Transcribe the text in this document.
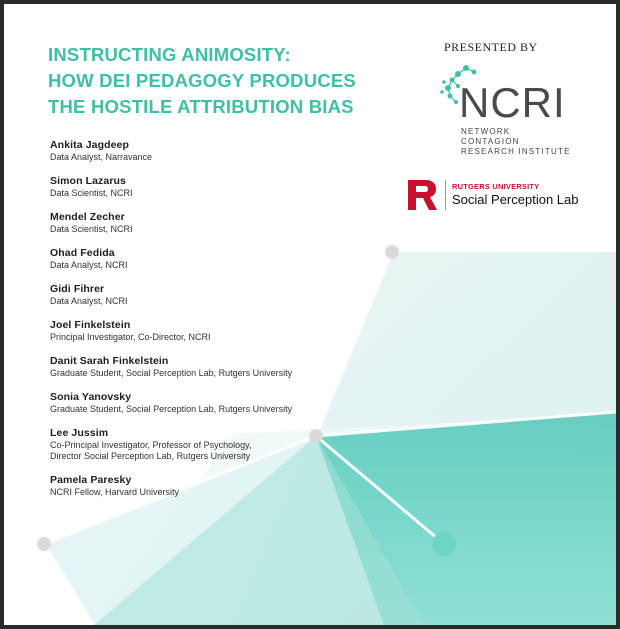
INSTRUCTING ANIMOSITY:
HOW DEI PEDAGOGY PRODUCES
THE HOSTILE ATTRIBUTION BIAS
Ankita Jagdeep
Data Analyst, Narravance
Simon Lazarus
Data Scientist, NCRI
Mendel Zecher
Data Scientist, NCRI
Ohad Fedida
Data Analyst, NCRI
Gidi Fihrer
Data Analyst, NCRI
Joel Finkelstein
Principal Investigator, Co-Director, NCRI
Danit Sarah Finkelstein
Graduate Student, Social Perception Lab, Rutgers University
Sonia Yanovsky
Graduate Student, Social Perception Lab, Rutgers University
Lee Jussim
Co-Principal Investigator, Professor of Psychology,
Director Social Perception Lab, Rutgers University
Pamela Paresky
NCRI Fellow, Harvard University
PRESENTED BY
NCRI
NETWORK CONTAGION RESEARCH INSTITUTE
RUTGERS UNIVERSITY
Social Perception Lab
